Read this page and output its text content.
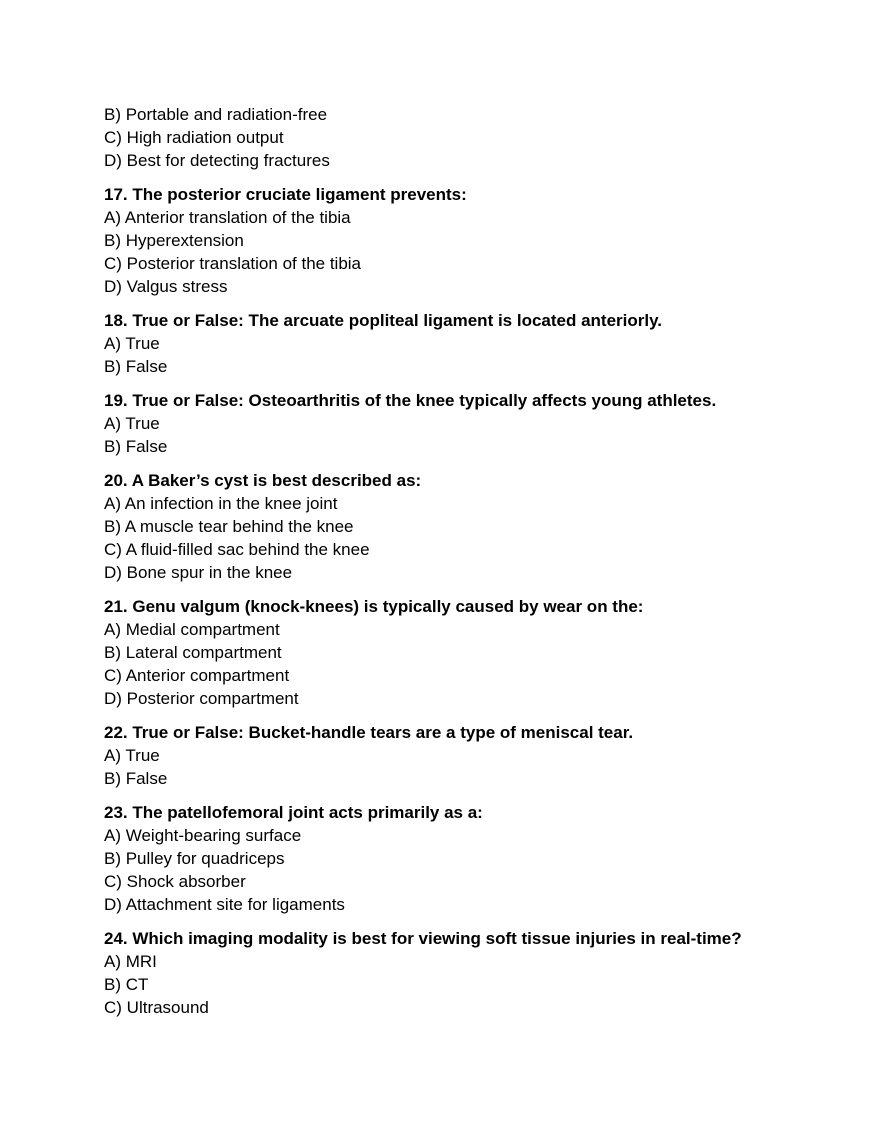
B) Portable and radiation-free
C) High radiation output
D) Best for detecting fractures
17. The posterior cruciate ligament prevents:
A) Anterior translation of the tibia
B) Hyperextension
C) Posterior translation of the tibia
D) Valgus stress
18. True or False: The arcuate popliteal ligament is located anteriorly.
A) True
B) False
19. True or False: Osteoarthritis of the knee typically affects young athletes.
A) True
B) False
20. A Baker’s cyst is best described as:
A) An infection in the knee joint
B) A muscle tear behind the knee
C) A fluid-filled sac behind the knee
D) Bone spur in the knee
21. Genu valgum (knock-knees) is typically caused by wear on the:
A) Medial compartment
B) Lateral compartment
C) Anterior compartment
D) Posterior compartment
22. True or False: Bucket-handle tears are a type of meniscal tear.
A) True
B) False
23. The patellofemoral joint acts primarily as a:
A) Weight-bearing surface
B) Pulley for quadriceps
C) Shock absorber
D) Attachment site for ligaments
24. Which imaging modality is best for viewing soft tissue injuries in real-time?
A) MRI
B) CT
C) Ultrasound
